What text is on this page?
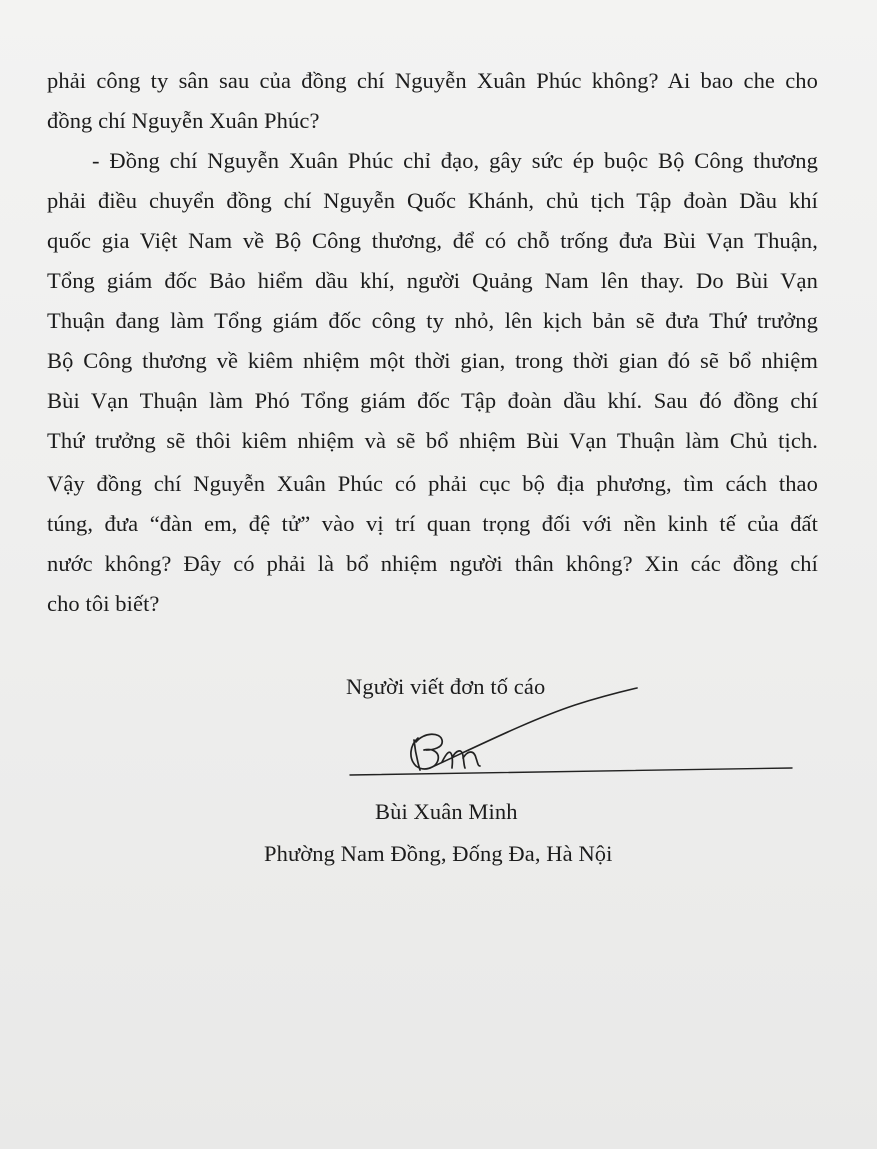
phải công ty sân sau của đồng chí Nguyễn Xuân Phúc không? Ai bao che cho
đồng chí Nguyễn Xuân Phúc?
- Đồng chí Nguyễn Xuân Phúc chỉ đạo, gây sức ép buộc Bộ Công thương
phải điều chuyển đồng chí Nguyễn Quốc Khánh, chủ tịch Tập đoàn Dầu khí
quốc gia Việt Nam về Bộ Công thương, để có chỗ trống đưa Bùi Vạn Thuận,
Tổng giám đốc Bảo hiểm dầu khí, người Quảng Nam lên thay. Do Bùi Vạn
Thuận đang làm Tổng giám đốc công ty nhỏ, lên kịch bản sẽ đưa Thứ trưởng
Bộ Công thương về kiêm nhiệm một thời gian, trong thời gian đó sẽ bổ nhiệm
Bùi Vạn Thuận làm Phó Tổng giám đốc Tập đoàn dầu khí. Sau đó đồng chí
Thứ trưởng sẽ thôi kiêm nhiệm và sẽ bổ nhiệm Bùi Vạn Thuận làm Chủ tịch.
Vậy đồng chí Nguyễn Xuân Phúc có phải cục bộ địa phương, tìm cách thao
túng, đưa “đàn em, đệ tử” vào vị trí quan trọng đối với nền kinh tế của đất
nước không? Đây có phải là bổ nhiệm người thân không? Xin các đồng chí
cho tôi biết?
Người viết đơn tố cáo
Bùi Xuân Minh
Phường Nam Đồng, Đống Đa, Hà Nội
